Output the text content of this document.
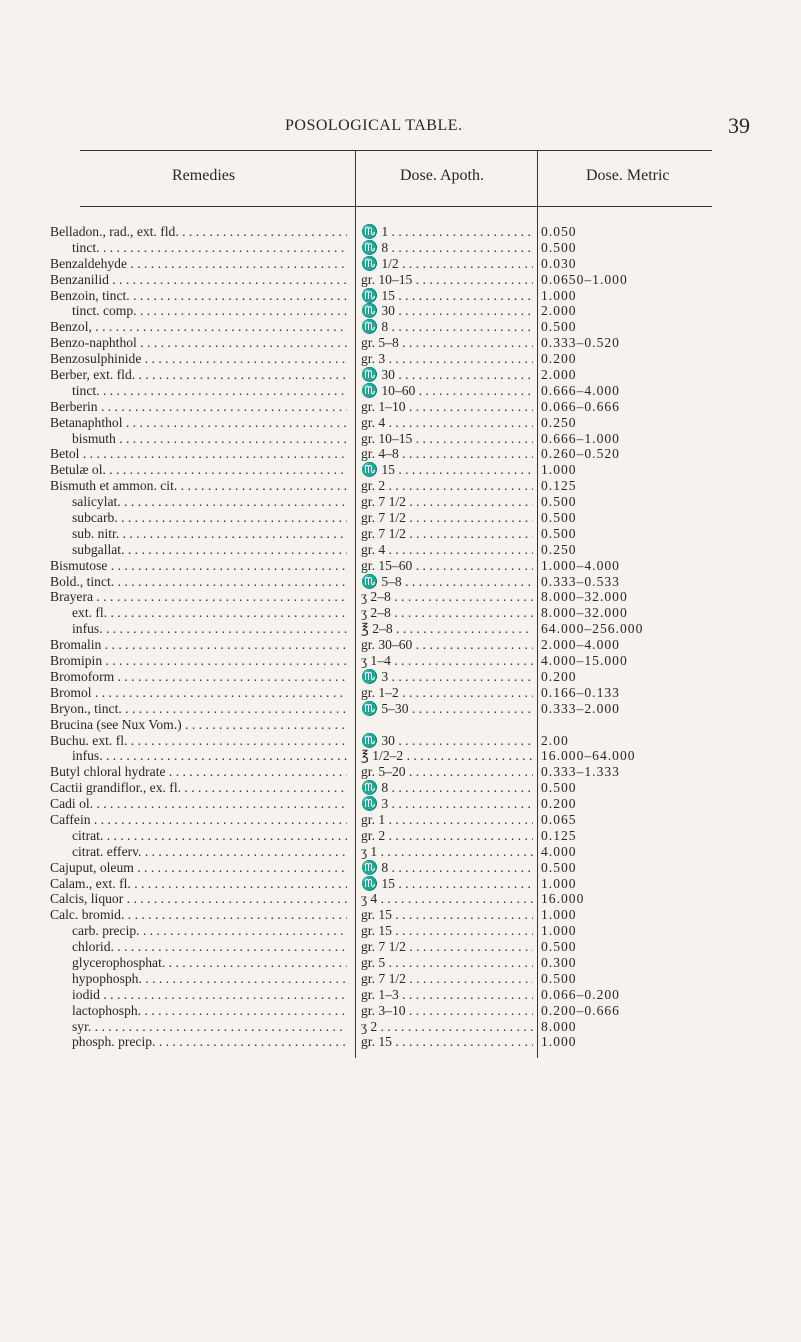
POSOLOGICAL TABLE.	39
Remedies	Dose. Apoth.	Dose. Metric
Belladon., rad., ext. fld. . . .	♏ 1 . . .	0.050
tinct. . . .	♏ 8 . . .	0.500
Benzaldehyde . . .	♏ 1/2 . . .	0.030
Benzanilid . . .	gr. 10–15 . . .	0.0650–1.000
Benzoin, tinct. . . .	♏ 15 . . .	1.000
tinct. comp. . . .	♏ 30 . . .	2.000
Benzol, . . .	♏ 8 . . .	0.500
Benzo-naphthol . . .	gr. 5–8 . . .	0.333–0.520
Benzosulphinide . . .	gr. 3 . . .	0.200
Berber, ext. fld. . . .	♏ 30 . . .	2.000
tinct. . . .	♏ 10–60 . . .	0.666–4.000
Berberin . . .	gr. 1–10 . . .	0.066–0.666
Betanaphthol . . .	gr. 4 . . .	0.250
bismuth . . .	gr. 10–15 . . .	0.666–1.000
Betol . . .	gr. 4–8 . . .	0.260–0.520
Betulæ ol. . . .	♏ 15 . . .	1.000
Bismuth et ammon. cit. . . .	gr. 2 . . .	0.125
salicylat. . . .	gr. 7 1/2 . . .	0.500
subcarb. . . .	gr. 7 1/2 . . .	0.500
sub. nitr. . . .	gr. 7 1/2 . . .	0.500
subgallat. . . .	gr. 4 . . .	0.250
Bismutose . . .	gr. 15–60 . . .	1.000–4.000
Bold., tinct. . . .	♏ 5–8 . . .	0.333–0.533
Brayera . . .	ʒ 2–8 . . .	8.000–32.000
ext. fl. . . .	ʒ 2–8 . . .	8.000–32.000
infus. . . .	℥ 2–8 . . .	64.000–256.000
Bromalin . . .	gr. 30–60 . . .	2.000–4.000
Bromipin . . .	ʒ 1–4 . . .	4.000–15.000
Bromoform . . .	♏ 3 . . .	0.200
Bromol . . .	gr. 1–2 . . .	0.166–0.133
Bryon., tinct. . . .	♏ 5–30 . . .	0.333–2.000
Brucina (see Nux Vom.) . . .
Buchu. ext. fl. . . .	♏ 30 . . .	2.00
infus. . . .	℥ 1/2–2 . . .	16.000–64.000
Butyl chloral hydrate . . .	gr. 5–20 . . .	0.333–1.333
Cactii grandiflor., ex. fl. . . .	♏ 8 . . .	0.500
Cadi ol. . . .	♏ 3 . . .	0.200
Caffein . . .	gr. 1 . . .	0.065
citrat. . . .	gr. 2 . . .	0.125
citrat. efferv. . . .	ʒ 1 . . .	4.000
Cajuput, oleum . . .	♏ 8 . . .	0.500
Calam., ext. fl. . . .	♏ 15 . . .	1.000
Calcis, liquor . . .	ʒ 4 . . .	16.000
Calc. bromid. . . .	gr. 15 . . .	1.000
carb. precip. . . .	gr. 15 . . .	1.000
chlorid. . . .	gr. 7 1/2 . . .	0.500
glycerophosphat. . . .	gr. 5 . . .	0.300
hypophosph. . . .	gr. 7 1/2 . . .	0.500
iodid . . .	gr. 1–3 . . .	0.066–0.200
lactophosph. . . .	gr. 3–10 . . .	0.200–0.666
syr. . . .	ʒ 2 . . .	8.000
phosph. precip. . . .	gr. 15 . . .	1.000
